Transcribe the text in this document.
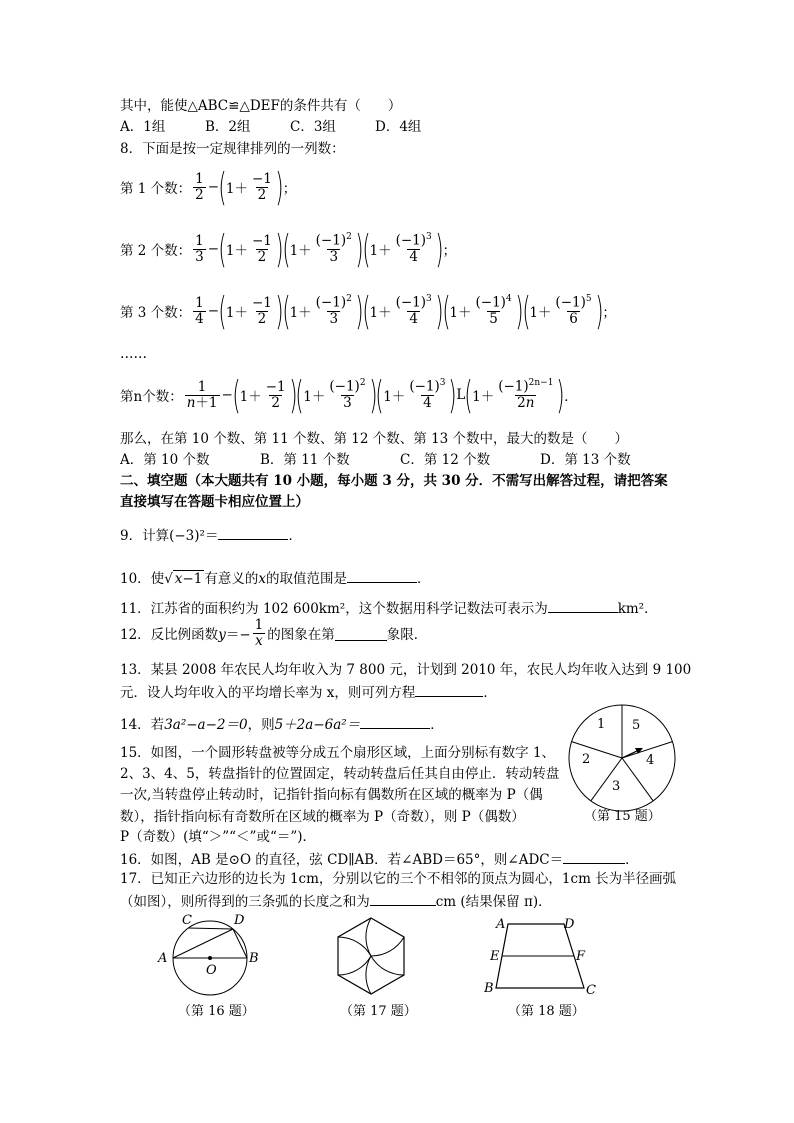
其中，能使△ABC≌△DEF的条件共有（　　）
A．1组	B．2组	C．3组	D．4组
8．下面是按一定规律排列的一列数：
第 1 个数： $\frac{1}{2}$ − ( $1+ \frac{-1}{2}$ ) ；
第 2 个数： $\frac{1}{3}$ − ( $1+ \frac{-1}{2}$ )
( $1+ \frac{(-1)^2}{3}$ )
( $1+ \frac{(-1)^3}{4}$ ) ；
第 3 个数： $\frac{1}{4}$ − ( $1+ \frac{-1}{2}$ )
( $1+ \frac{(-1)^2}{3}$ )
( $1+ \frac{(-1)^3}{4}$ )
( $1+ \frac{(-1)^4}{5}$ )
( $1+ \frac{(-1)^5}{6}$ ) ；
……
第n个数： $\frac{1}{n+1}$ − ( $1+ \frac{-1}{2}$ )
( $1+ \frac{(-1)^2}{3}$ )
( $1+ \frac{(-1)^3}{4}$ ) L ( $1+ \frac{(-1)^{2n-1}}{2n}$ ) ．
那么，在第 10 个数、第 11 个数、第 12 个数、第 13 个数中，最大的数是（　　）
A．第 10 个数	B．第 11 个数	C．第 12 个数	D．第 13 个数
二、填空题（本大题共有 10 小题，每小题 3 分，共 30 分．不需写出解答过程，请把答案
直接填写在答题卡相应位置上）
9．计算(−3)²＝	．
10．使√ x−1 有意义的x的取值范围是	．
11．江苏省的面积约为 102 600km²，这个数据用科学记数法可表示为	km²．
12．反比例函数 $y=- \frac{1}{x}$ 的图象在第	象限．
13．某县 2008 年农民人均年收入为 7 800 元，计划到 2010 年，农民人均年收入达到 9 100
元．设人均年收入的平均增长率为 x，则可列方程	．
14．若3a²−a−2＝0，则5＋2a−6a²＝	．
15．如图，一个圆形转盘被等分成五个扇形区域，上面分别标有数字 1、
2、3、4、5，转盘指针的位置固定，转动转盘后任其自由停止．转动转盘
一次,当转盘停止转动时，记指针指向标有偶数所在区域的概率为 P（偶
数），指针指向标有奇数所在区域的概率为 P（奇数），则 P（偶数）
P（奇数）(填“＞”“＜”或“＝”)．
1
2
3
4
5
（第 15 题）
16．如图，AB 是⊙O 的直径，弦 CD∥AB．若∠ABD＝65°，则∠ADC＝	．
17．已知正六边形的边长为 1cm，分别以它的三个不相邻的顶点为圆心，1cm 长为半径画弧
（如图），则所得到的三条弧的长度之和为	cm (结果保留 π)．
C	D
A
O
B
（第 16 题）	（第 17 题）
A	D
E	F
B	C
（第 18 题）
